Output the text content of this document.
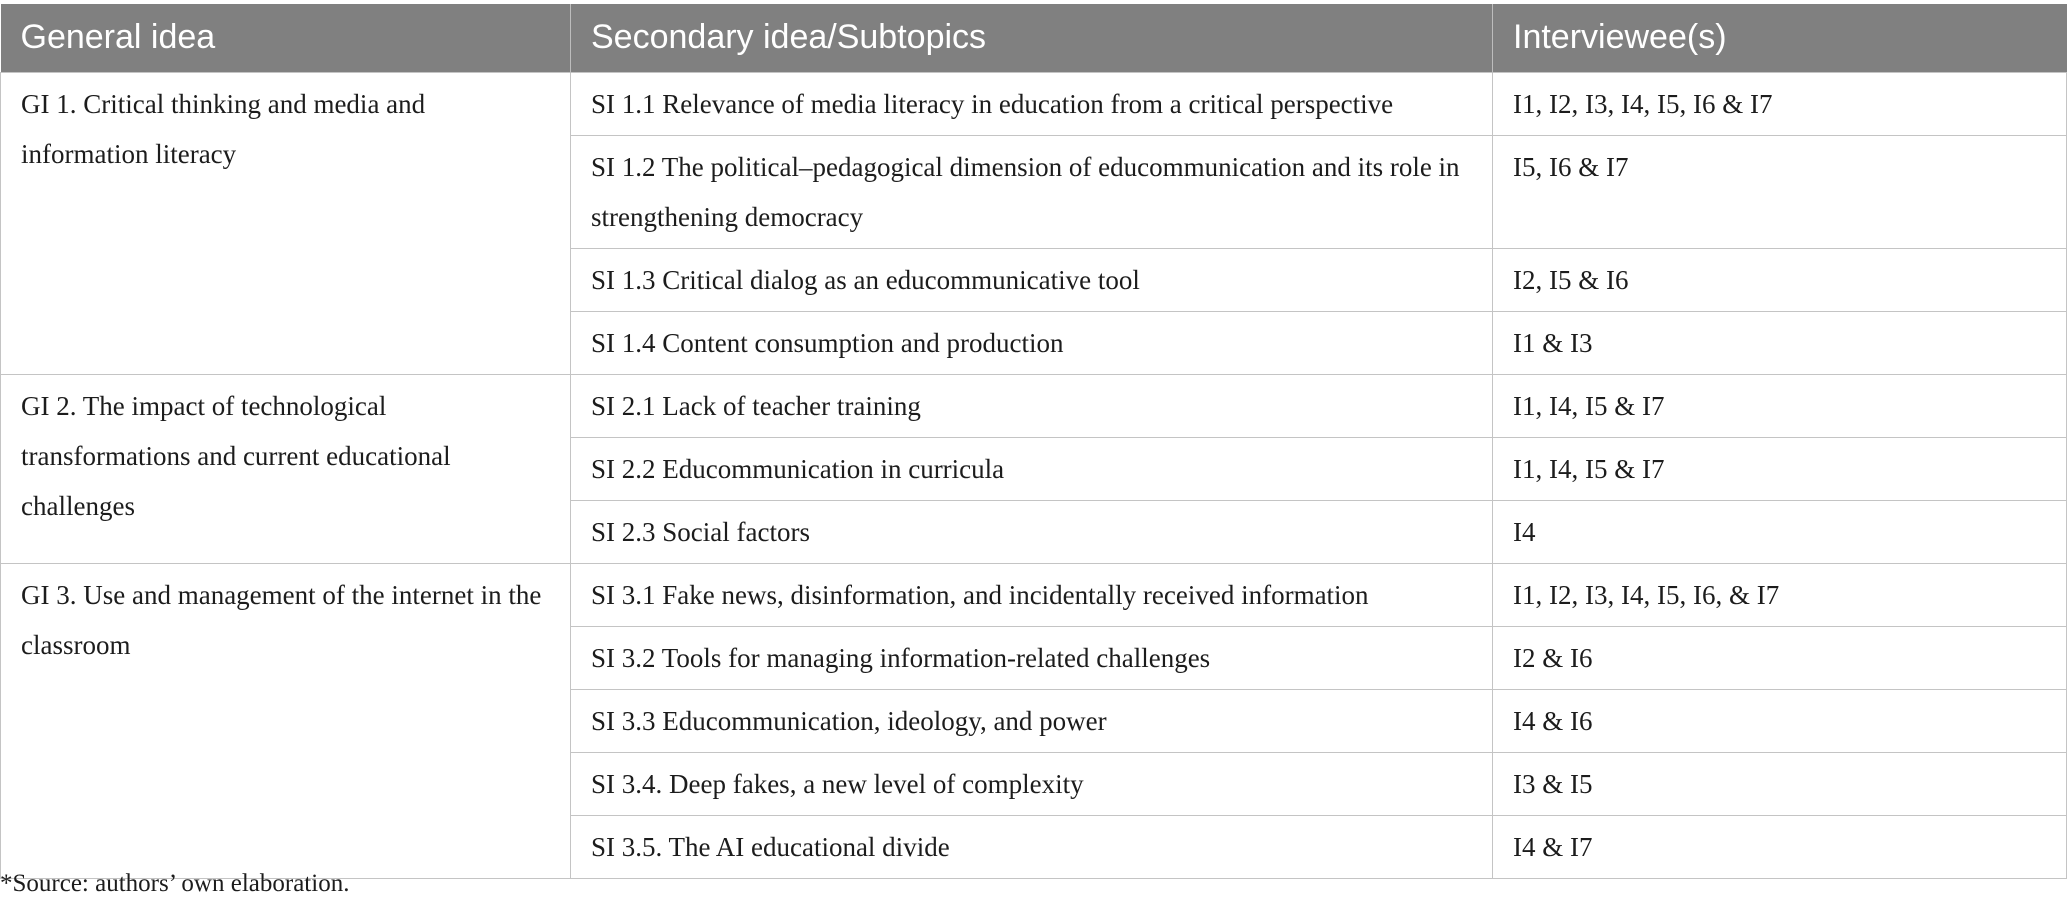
General idea	Secondary idea/Subtopics	Interviewee(s)
GI 1. Critical thinking and media and information literacy	SI 1.1 Relevance of media literacy in education from a critical perspective	I1, I2, I3, I4, I5, I6 & I7
	SI 1.2 The political–pedagogical dimension of educommunication and its role in strengthening democracy	I5, I6 & I7
	SI 1.3 Critical dialog as an educommunicative tool	I2, I5 & I6
	SI 1.4 Content consumption and production	I1 & I3
GI 2. The impact of technological transformations and current educational challenges	SI 2.1 Lack of teacher training	I1, I4, I5 & I7
	SI 2.2 Educommunication in curricula	I1, I4, I5 & I7
	SI 2.3 Social factors	I4
GI 3. Use and management of the internet in the classroom	SI 3.1 Fake news, disinformation, and incidentally received information	I1, I2, I3, I4, I5, I6, & I7
	SI 3.2 Tools for managing information-related challenges	I2 & I6
	SI 3.3 Educommunication, ideology, and power	I4 & I6
	SI 3.4. Deep fakes, a new level of complexity	I3 & I5
	SI 3.5. The AI educational divide	I4 & I7
*Source: authors’ own elaboration.
